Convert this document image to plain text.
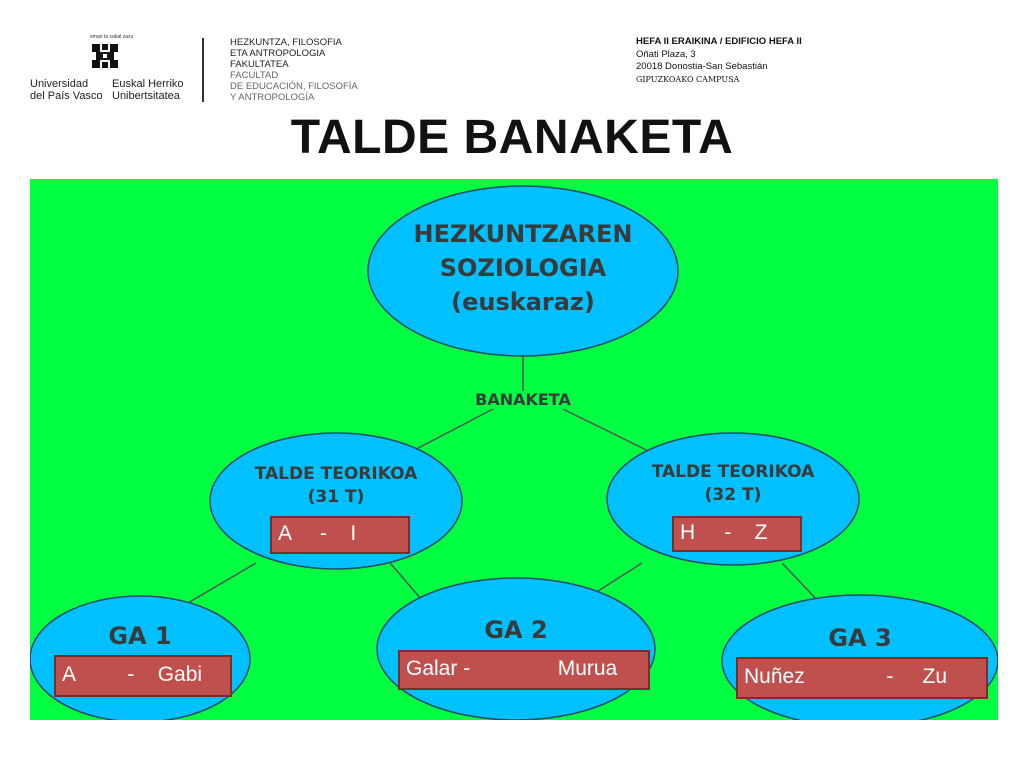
eman ta zabal zazu
Universidad
del País Vasco
Euskal Herriko
Unibertsitatea
HEZKUNTZA, FILOSOFIA
ETA ANTROPOLOGIA
FAKULTATEA
FACULTAD
DE EDUCACIÓN, FILOSOFÍA
Y ANTROPOLOGÍA
HEFA II ERAIKINA / EDIFICIO HEFA II
Oñati Plaza, 3
20018 Donostia-San Sebastián
GIPUZKOAKO CAMPUSA
TALDE BANAKETA
HEZKUNTZAREN
SOZIOLOGIA
(euskaraz)
BANAKETA
TALDE TEORIKOA
(31 T)
A     -    I
TALDE TEORIKOA
(32 T)
H     -    Z
GA 1
A         -    Gabi
GA 2
Galar -               Murua
GA 3
Nuñez              -     Zu
